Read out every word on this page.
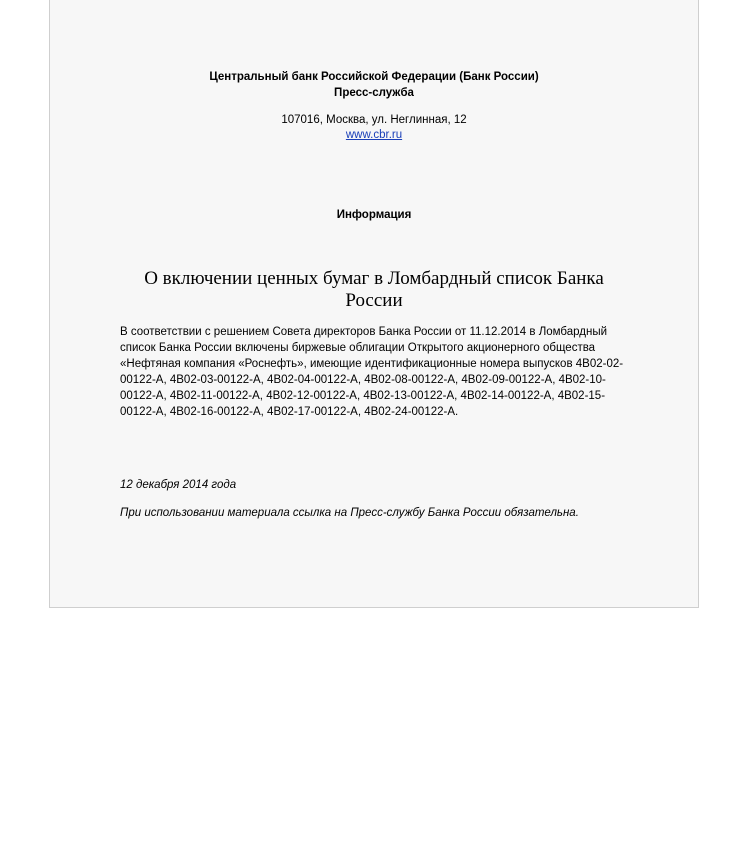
Центральный банк Российской Федерации (Банк России)
Пресс-служба
107016, Москва, ул. Неглинная, 12
www.cbr.ru
Информация
О включении ценных бумаг в Ломбардный список Банка России
В соответствии с решением Совета директоров Банка России от 11.12.2014 в Ломбардный список Банка России включены биржевые облигации Открытого акционерного общества «Нефтяная компания «Роснефть», имеющие идентификационные номера выпусков 4B02-02-00122-A, 4B02-03-00122-A, 4B02-04-00122-A, 4B02-08-00122-A, 4B02-09-00122-A, 4B02-10-00122-A, 4B02-11-00122-A, 4B02-12-00122-A, 4B02-13-00122-A, 4B02-14-00122-A, 4B02-15-00122-A, 4B02-16-00122-A, 4B02-17-00122-A, 4B02-24-00122-A.
12 декабря 2014 года
При использовании материала ссылка на Пресс-службу Банка России обязательна.
